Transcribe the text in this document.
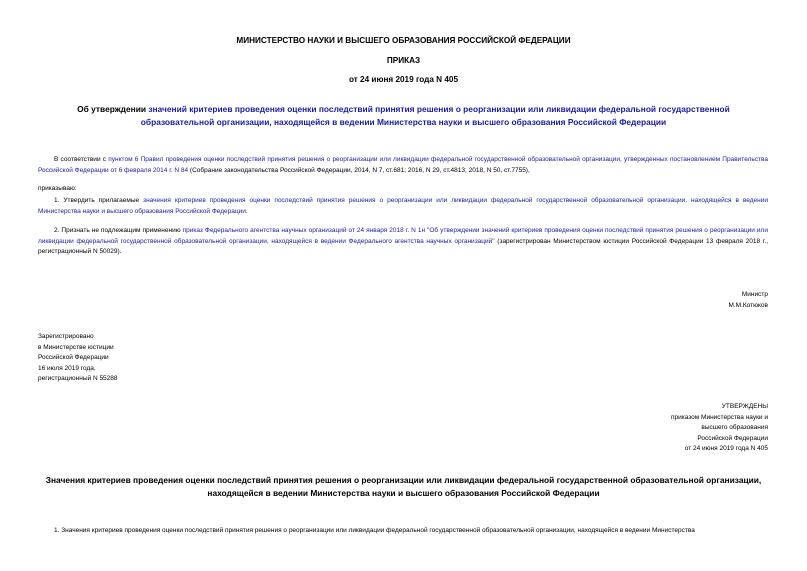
МИНИСТЕРСТВО НАУКИ И ВЫСШЕГО ОБРАЗОВАНИЯ РОССИЙСКОЙ ФЕДЕРАЦИИ
ПРИКАЗ
от 24 июня 2019 года N 405
Об утверждении значений критериев проведения оценки последствий принятия решения о реорганизации или ликвидации федеральной государственной образовательной организации, находящейся в ведении Министерства науки и высшего образования Российской Федерации
В соответствии с пунктом 6 Правил проведения оценки последствий принятия решения о реорганизации или ликвидации федеральной государственной образовательной организации, утвержденных постановлением Правительства Российской Федерации от 6 февраля 2014 г. N 84 (Собрание законодательства Российской Федерации, 2014, N 7, ст.681; 2016, N 29, ст.4813; 2018, N 50, ст.7755),
приказываю:
1. Утвердить прилагаемые значения критериев проведения оценки последствий принятия решения о реорганизации или ликвидации федеральной государственной образовательной организации, находящейся в ведении Министерства науки и высшего образования Российской Федерации.
2. Признать не подлежащим применению приказ Федерального агентства научных организаций от 24 января 2018 г. N 1н "Об утверждении значений критериев проведения оценки последствий принятия решения о реорганизации или ликвидации федеральной государственной образовательной организации, находящейся в ведении Федерального агентства научных организаций" (зарегистрирован Министерством юстиции Российской Федерации 13 февраля 2018 г., регистрационный N 50029).
Министр
М.М.Котюков
Зарегистрировано
в Министерстве юстиции
Российской Федерации
16 июля 2019 года,
регистрационный N 55288
УТВЕРЖДЕНЫ
приказом Министерства науки и
высшего образования
Российской Федерации
от 24 июня 2019 года N 405
Значения критериев проведения оценки последствий принятия решения о реорганизации или ликвидации федеральной государственной образовательной организации, находящейся в ведении Министерства науки и высшего образования Российской Федерации
1. Значения критериев проведения оценки последствий принятия решения о реорганизации или ликвидации федеральной государственной образовательной организации, находящейся в ведении Министерства
